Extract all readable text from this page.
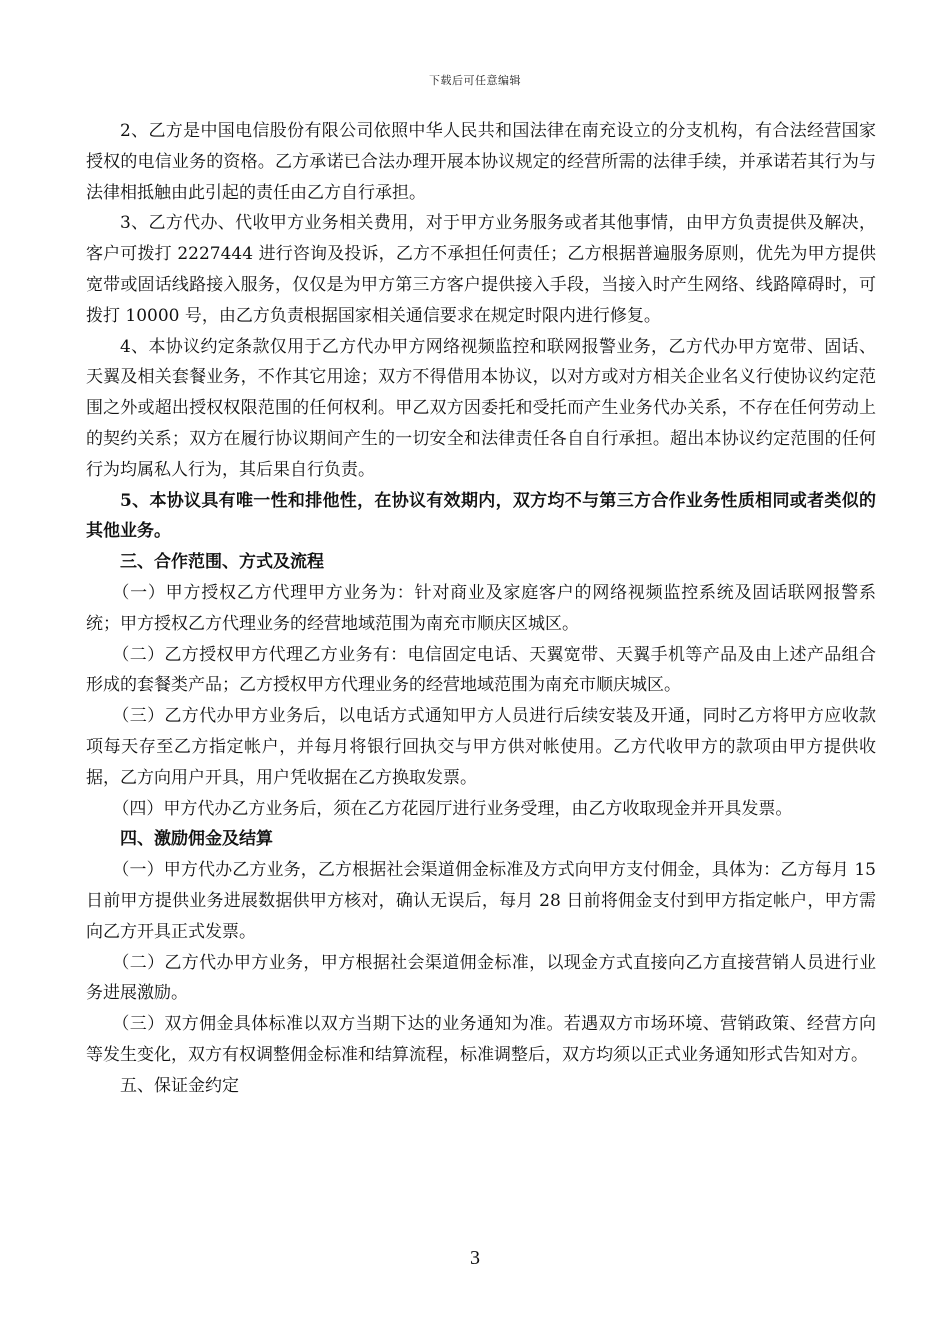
下载后可任意编辑

2、乙方是中国电信股份有限公司依照中华人民共和国法律在南充设立的分支机构，有合法经营国家授权的电信业务的资格。乙方承诺已合法办理开展本协议规定的经营所需的法律手续，并承诺若其行为与法律相抵触由此引起的责任由乙方自行承担。

3、乙方代办、代收甲方业务相关费用，对于甲方业务服务或者其他事情，由甲方负责提供及解决，客户可拨打 2227444 进行咨询及投诉，乙方不承担任何责任；乙方根据普遍服务原则，优先为甲方提供宽带或固话线路接入服务，仅仅是为甲方第三方客户提供接入手段，当接入时产生网络、线路障碍时，可拨打 10000 号，由乙方负责根据国家相关通信要求在规定时限内进行修复。

4、本协议约定条款仅用于乙方代办甲方网络视频监控和联网报警业务，乙方代办甲方宽带、固话、天翼及相关套餐业务，不作其它用途；双方不得借用本协议，以对方或对方相关企业名义行使协议约定范围之外或超出授权权限范围的任何权利。甲乙双方因委托和受托而产生业务代办关系，不存在任何劳动上的契约关系；双方在履行协议期间产生的一切安全和法律责任各自自行承担。超出本协议约定范围的任何行为均属私人行为，其后果自行负责。

5、本协议具有唯一性和排他性，在协议有效期内，双方均不与第三方合作业务性质相同或者类似的其他业务。

三、合作范围、方式及流程

（一）甲方授权乙方代理甲方业务为：针对商业及家庭客户的网络视频监控系统及固话联网报警系统；甲方授权乙方代理业务的经营地域范围为南充市顺庆区城区。

（二）乙方授权甲方代理乙方业务有：电信固定电话、天翼宽带、天翼手机等产品及由上述产品组合形成的套餐类产品；乙方授权甲方代理业务的经营地域范围为南充市顺庆城区。

（三）乙方代办甲方业务后，以电话方式通知甲方人员进行后续安装及开通，同时乙方将甲方应收款项每天存至乙方指定帐户，并每月将银行回执交与甲方供对帐使用。乙方代收甲方的款项由甲方提供收据，乙方向用户开具，用户凭收据在乙方换取发票。

（四）甲方代办乙方业务后，须在乙方花园厅进行业务受理，由乙方收取现金并开具发票。

四、激励佣金及结算

（一）甲方代办乙方业务，乙方根据社会渠道佣金标准及方式向甲方支付佣金，具体为：乙方每月 15 日前甲方提供业务进展数据供甲方核对，确认无误后，每月 28 日前将佣金支付到甲方指定帐户，甲方需向乙方开具正式发票。

（二）乙方代办甲方业务，甲方根据社会渠道佣金标准，以现金方式直接向乙方直接营销人员进行业务进展激励。

（三）双方佣金具体标准以双方当期下达的业务通知为准。若遇双方市场环境、营销政策、经营方向等发生变化，双方有权调整佣金标准和结算流程，标准调整后，双方均须以正式业务通知形式告知对方。

五、保证金约定

3
